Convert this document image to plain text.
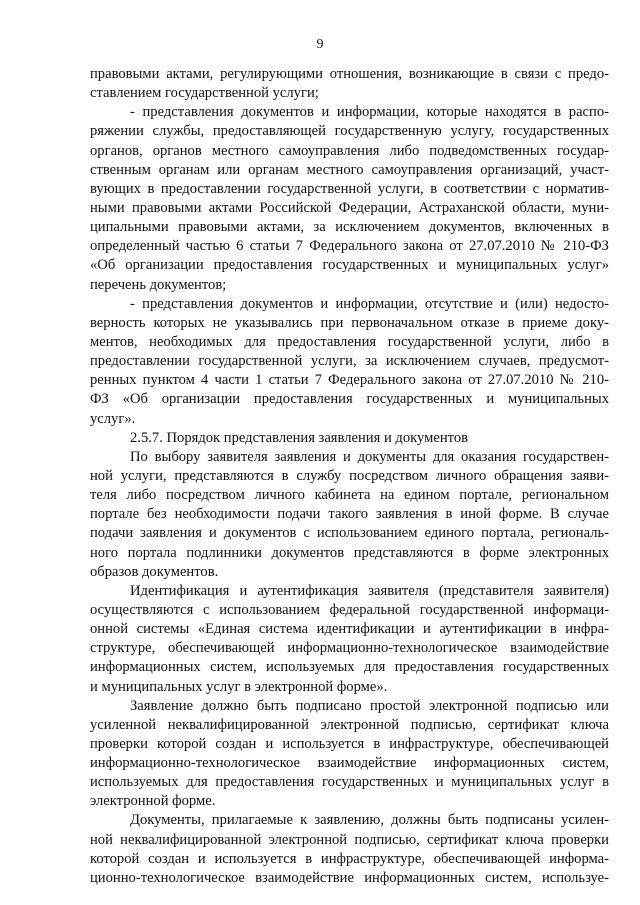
9
правовыми актами, регулирующими отношения, возникающие в связи с предо-
ставлением государственной услуги;
- представления документов и информации, которые находятся в распо-
ряжении службы, предоставляющей государственную услугу, государственных
органов, органов местного самоуправления либо подведомственных государ-
ственным органам или органам местного самоуправления организаций, участ-
вующих в предоставлении государственной услуги, в соответствии с норматив-
ными правовыми актами Российской Федерации, Астраханской области, муни-
ципальными правовыми актами, за исключением документов, включенных в
определенный частью 6 статьи 7 Федерального закона от 27.07.2010 № 210-ФЗ
«Об организации предоставления государственных и муниципальных услуг»
перечень документов;
- представления документов и информации, отсутствие и (или) недосто-
верность которых не указывались при первоначальном отказе в приеме доку-
ментов, необходимых для предоставления государственной услуги, либо в
предоставлении государственной услуги, за исключением случаев, предусмот-
ренных пунктом 4 части 1 статьи 7 Федерального закона от 27.07.2010 № 210-
ФЗ «Об организации предоставления государственных и муниципальных
услуг».
2.5.7. Порядок представления заявления и документов
По выбору заявителя заявления и документы для оказания государствен-
ной услуги, представляются в службу посредством личного обращения заяви-
теля либо посредством личного кабинета на едином портале, региональном
портале без необходимости подачи такого заявления в иной форме. В случае
подачи заявления и документов с использованием единого портала, региональ-
ного портала подлинники документов представляются в форме электронных
образов документов.
Идентификация и аутентификация заявителя (представителя заявителя)
осуществляются с использованием федеральной государственной информаци-
онной системы «Единая система идентификации и аутентификации в инфра-
структуре, обеспечивающей информационно-технологическое взаимодействие
информационных систем, используемых для предоставления государственных
и муниципальных услуг в электронной форме».
Заявление должно быть подписано простой электронной подписью или
усиленной неквалифицированной электронной подписью, сертификат ключа
проверки которой создан и используется в инфраструктуре, обеспечивающей
информационно-технологическое взаимодействие информационных систем,
используемых для предоставления государственных и муниципальных услуг в
электронной форме.
Документы, прилагаемые к заявлению, должны быть подписаны усилен-
ной неквалифицированной электронной подписью, сертификат ключа проверки
которой создан и используется в инфраструктуре, обеспечивающей информа-
ционно-технологическое взаимодействие информационных систем, используе-
